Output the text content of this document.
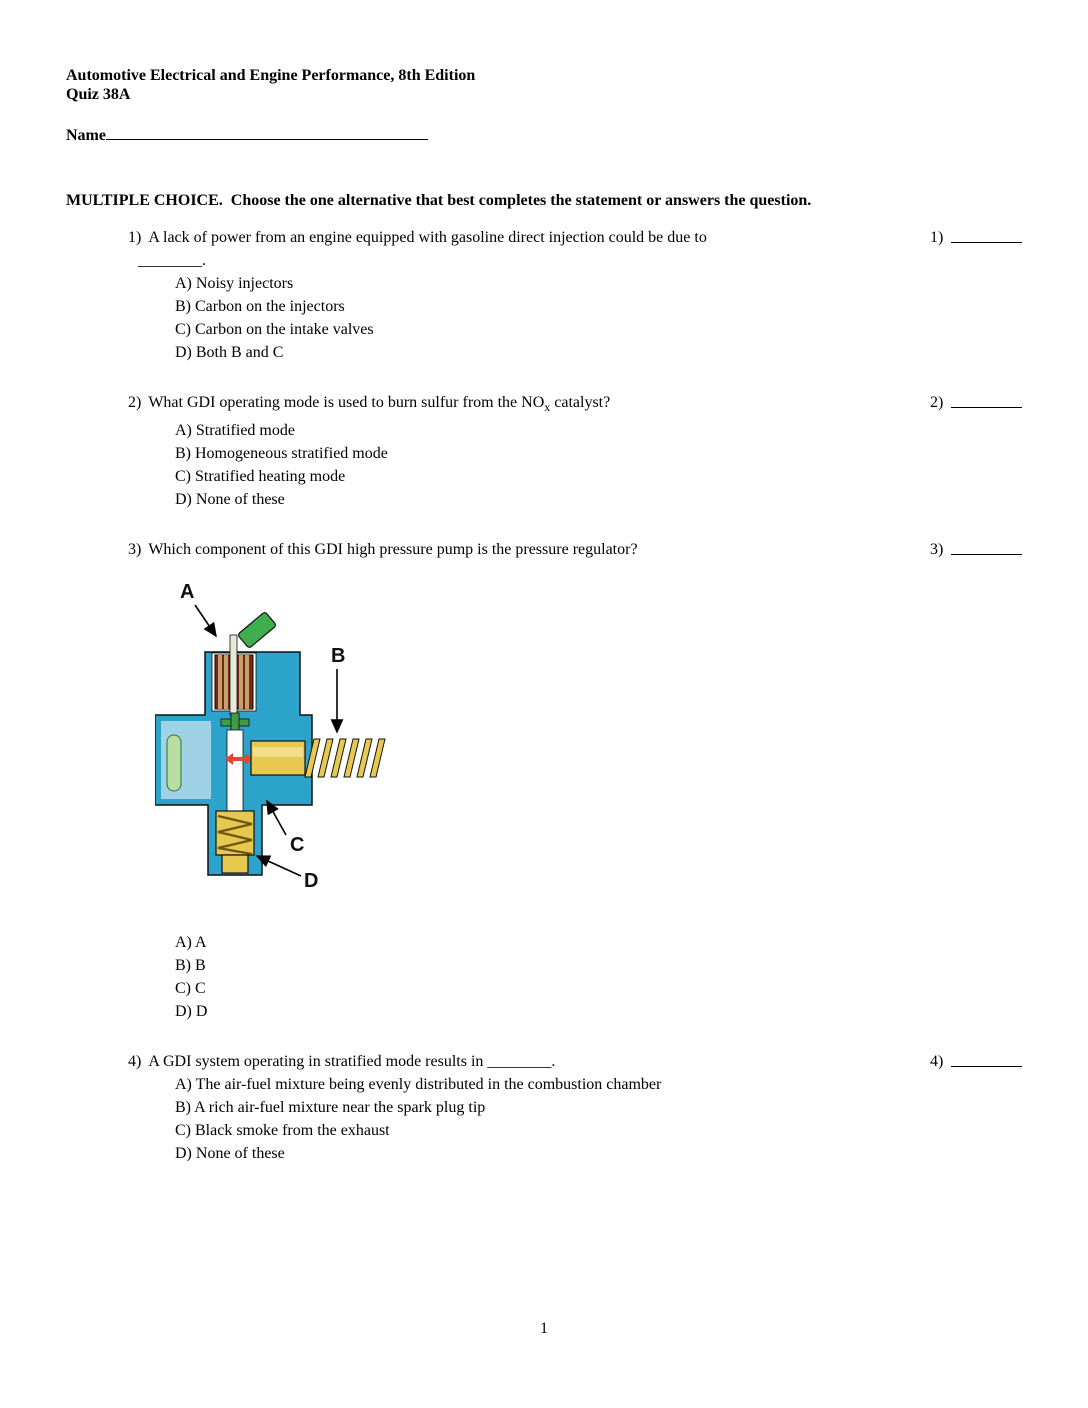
Automotive Electrical and Engine Performance, 8th Edition
Quiz 38A
Name
MULTIPLE CHOICE.  Choose the one alternative that best completes the statement or answers the question.
1) A lack of power from an engine equipped with gasoline direct injection could be due to
________.
A) Noisy injectors
B) Carbon on the injectors
C) Carbon on the intake valves
D) Both B and C
1)
2) What GDI operating mode is used to burn sulfur from the $NO_x$ catalyst?
A) Stratified mode
B) Homogeneous stratified mode
C) Stratified heating mode
D) None of these
2)
3) Which component of this GDI high pressure pump is the pressure regulator?
A
B
C
D
A) A
B) B
C) C
D) D
3)
4) A GDI system operating in stratified mode results in ________.
A) The air-fuel mixture being evenly distributed in the combustion chamber
B) A rich air-fuel mixture near the spark plug tip
C) Black smoke from the exhaust
D) None of these
4)
1
